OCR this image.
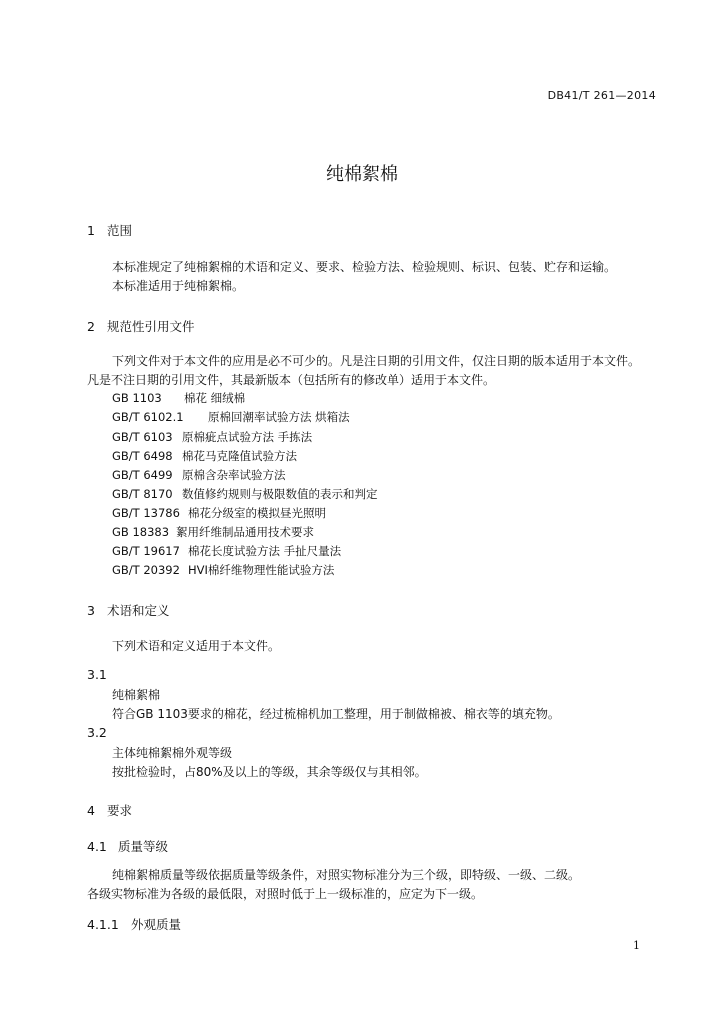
DB41/T 261—2014
纯棉絮棉
1 范围
本标准规定了纯棉絮棉的术语和定义、要求、检验方法、检验规则、标识、包装、贮存和运输。
本标准适用于纯棉絮棉。
2 规范性引用文件
下列文件对于本文件的应用是必不可少的。凡是注日期的引用文件，仅注日期的版本适用于本文件。
凡是不注日期的引用文件，其最新版本（包括所有的修改单）适用于本文件。
GB 1103 棉花 细绒棉
GB/T 6102.1 原棉回潮率试验方法 烘箱法
GB/T 6103 原棉疵点试验方法 手拣法
GB/T 6498 棉花马克隆值试验方法
GB/T 6499 原棉含杂率试验方法
GB/T 8170 数值修约规则与极限数值的表示和判定
GB/T 13786 棉花分级室的模拟昼光照明
GB 18383 絮用纤维制品通用技术要求
GB/T 19617 棉花长度试验方法 手扯尺量法
GB/T 20392 HVI棉纤维物理性能试验方法
3 术语和定义
下列术语和定义适用于本文件。
3.1
纯棉絮棉
符合GB 1103要求的棉花，经过梳棉机加工整理，用于制做棉被、棉衣等的填充物。
3.2
主体纯棉絮棉外观等级
按批检验时，占80%及以上的等级，其余等级仅与其相邻。
4 要求
4.1 质量等级
纯棉絮棉质量等级依据质量等级条件，对照实物标准分为三个级，即特级、一级、二级。
各级实物标准为各级的最低限，对照时低于上一级标准的，应定为下一级。
4.1.1 外观质量
1
